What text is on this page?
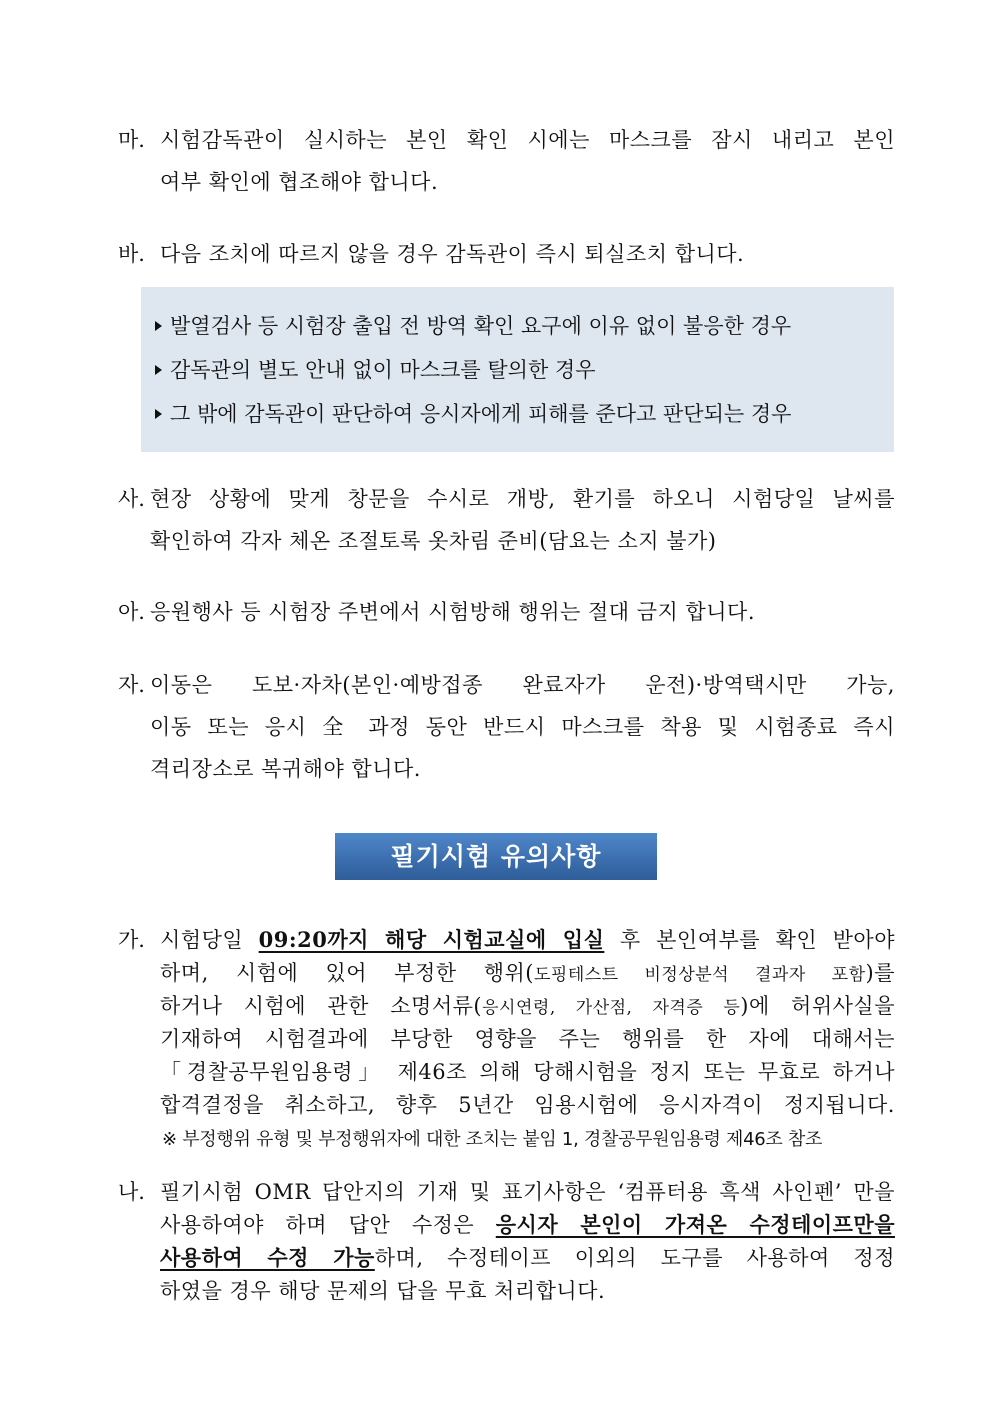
마. 시험감독관이 실시하는 본인 확인 시에는 마스크를 잠시 내리고 본인
여부 확인에 협조해야 합니다.
바. 다음 조치에 따르지 않을 경우 감독관이 즉시 퇴실조치 합니다.
발열검사 등 시험장 출입 전 방역 확인 요구에 이유 없이 불응한 경우
감독관의 별도 안내 없이 마스크를 탈의한 경우
그 밖에 감독관이 판단하여 응시자에게 피해를 준다고 판단되는 경우
사. 현장 상황에 맞게 창문을 수시로 개방, 환기를 하오니 시험당일 날씨를
확인하여 각자 체온 조절토록 옷차림 준비(담요는 소지 불가)
아. 응원행사 등 시험장 주변에서 시험방해 행위는 절대 금지 합니다.
자. 이동은 도보·자차(본인·예방접종 완료자가 운전)·방역택시만 가능,
이동 또는 응시 全 과정 동안 반드시 마스크를 착용 및 시험종료 즉시
격리장소로 복귀해야 합니다.
필기시험 유의사항
가. 시험당일 09:20까지 해당 시험교실에 입실 후 본인여부를 확인 받아야
하며, 시험에 있어 부정한 행위(도핑테스트 비정상분석 결과자 포함)를
하거나 시험에 관한 소명서류(응시연령, 가산점, 자격증 등)에 허위사실을
기재하여 시험결과에 부당한 영향을 주는 행위를 한 자에 대해서는
「경찰공무원임용령」 제46조 의해 당해시험을 정지 또는 무효로 하거나
합격결정을 취소하고, 향후 5년간 임용시험에 응시자격이 정지됩니다.
※ 부정행위 유형 및 부정행위자에 대한 조치는 붙임 1, 경찰공무원임용령 제46조 참조
나. 필기시험 OMR 답안지의 기재 및 표기사항은 ‘컴퓨터용 흑색 사인펜’ 만을
사용하여야 하며 답안 수정은 응시자 본인이 가져온 수정테이프만을
사용하여 수정 가능하며, 수정테이프 이외의 도구를 사용하여 정정
하였을 경우 해당 문제의 답을 무효 처리합니다.
